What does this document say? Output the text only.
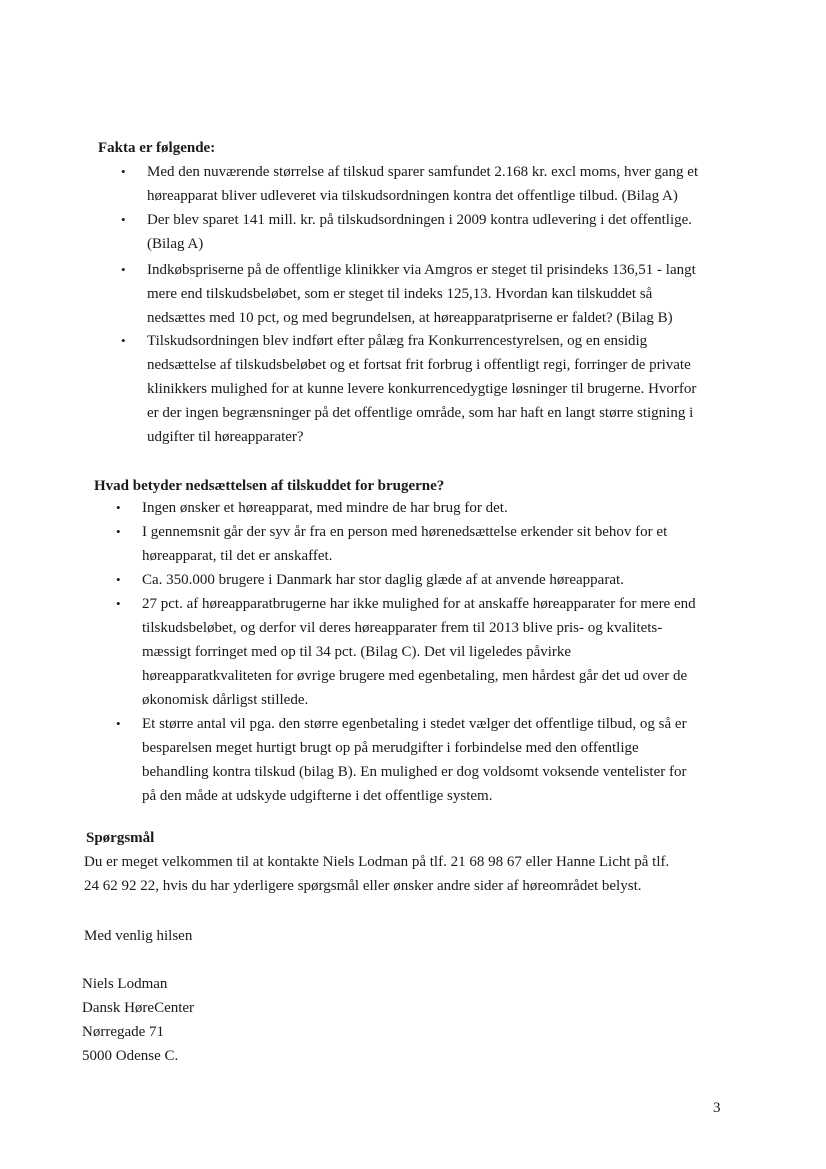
Fakta er følgende:
• Med den nuværende størrelse af tilskud sparer samfundet 2.168 kr. excl moms, hver gang et
høreapparat bliver udleveret via tilskudsordningen kontra det offentlige tilbud. (Bilag A)
• Der blev sparet 141 mill. kr. på tilskudsordningen i 2009 kontra udlevering i det offentlige.
(Bilag A)
• Indkøbspriserne på de offentlige klinikker via Amgros er steget til prisindeks 136,51 - langt
mere end tilskudsbeløbet, som er steget til indeks 125,13. Hvordan kan tilskuddet så
nedsættes med 10 pct, og med begrundelsen, at høreapparatpriserne er faldet? (Bilag B)
• Tilskudsordningen blev indført efter pålæg fra Konkurrencestyrelsen, og en ensidig
nedsættelse af tilskudsbeløbet og et fortsat frit forbrug i offentligt regi, forringer de private
klinikkers mulighed for at kunne levere konkurrencedygtige løsninger til brugerne. Hvorfor
er der ingen begrænsninger på det offentlige område, som har haft en langt større stigning i
udgifter til høreapparater?
Hvad betyder nedsættelsen af tilskuddet for brugerne?
• Ingen ønsker et høreapparat, med mindre de har brug for det.
• I gennemsnit går der syv år fra en person med hørenedsættelse erkender sit behov for et
høreapparat, til det er anskaffet.
• Ca. 350.000 brugere i Danmark har stor daglig glæde af at anvende høreapparat.
• 27 pct. af høreapparatbrugerne har ikke mulighed for at anskaffe høreapparater for mere end
tilskudsbeløbet, og derfor vil deres høreapparater frem til 2013 blive pris- og kvalitets-
mæssigt forringet med op til 34 pct. (Bilag C). Det vil ligeledes påvirke
høreapparatkvaliteten for øvrige brugere med egenbetaling, men hårdest går det ud over de
økonomisk dårligst stillede.
• Et større antal vil pga. den større egenbetaling i stedet vælger det offentlige tilbud, og så er
besparelsen meget hurtigt brugt op på merudgifter i forbindelse med den offentlige
behandling kontra tilskud (bilag B). En mulighed er dog voldsomt voksende ventelister for
på den måde at udskyde udgifterne i det offentlige system.
Spørgsmål
Du er meget velkommen til at kontakte Niels Lodman på tlf. 21 68 98 67 eller Hanne Licht på tlf.
24 62 92 22, hvis du har yderligere spørgsmål eller ønsker andre sider af høreområdet belyst.
Med venlig hilsen
Niels Lodman
Dansk HøreCenter
Nørregade 71
5000 Odense C.
3
